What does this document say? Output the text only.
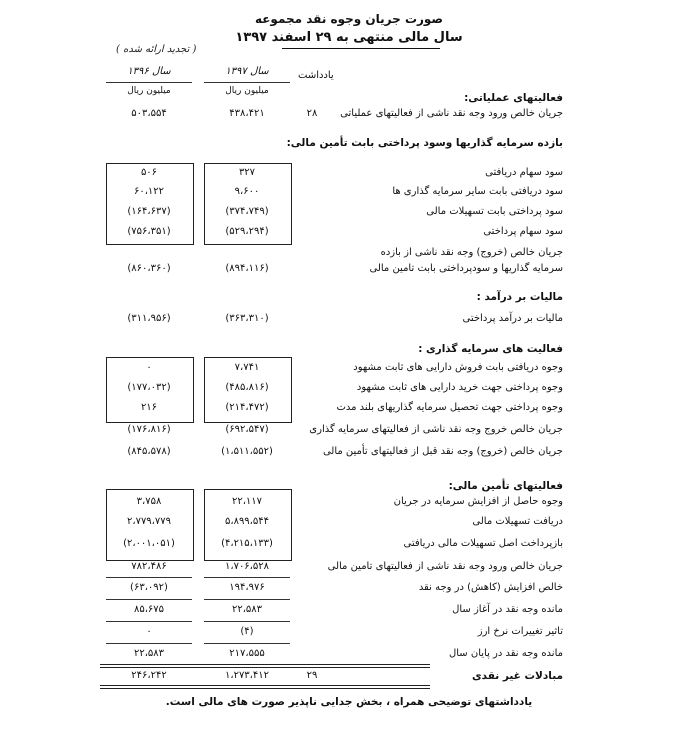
صورت جریان وجوه نقد مجموعه
سال مالی منتهی به ۲۹ اسفند ۱۳۹۷
( تجدید ارائه شده )
یادداشت
سال ۱۳۹۷
سال ۱۳۹۶
میلیون ریال
میلیون ریال
فعالیتهای عملیاتی:
جریان خالص ورود وجه نقد ناشی از فعالیتهای عملیاتی
۲۸
۴۳۸،۴۲۱
۵۰۳،۵۵۴
بازده سرمایه گذاریها وسود پرداختی بابت تأمین مالی:
سود سهام دریافتی
۳۲۷
۵۰۶
سود دریافتی بابت سایر سرمایه گذاری ها
۹،۶۰۰
۶۰،۱۲۲
سود پرداختی بابت تسهیلات مالی
(۳۷۴،۷۴۹)
(۱۶۴،۶۳۷)
سود سهام پرداختی
(۵۲۹،۲۹۴)
(۷۵۶،۳۵۱)
جریان خالص (خروج) وجه نقد ناشی از بازده
سرمایه گذاریها و سودپرداختی بابت تامین مالی
(۸۹۴،۱۱۶)
(۸۶۰،۳۶۰)
مالیات بر درآمد :
مالیات بر درآمد پرداختی
(۳۶۳،۳۱۰)
(۳۱۱،۹۵۶)
فعالیت های سرمایه گذاری :
وجوه دریافتی بابت فروش دارایی های ثابت مشهود
۷،۷۴۱
۰
وجوه پرداختی جهت خرید دارایی های ثابت مشهود
(۴۸۵،۸۱۶)
(۱۷۷،۰۳۲)
وجوه پرداختی جهت تحصیل سرمایه گذاریهای بلند مدت
(۲۱۴،۴۷۲)
۲۱۶
جریان خالص خروج وجه نقد ناشی از فعالیتهای سرمایه گذاری
(۶۹۲،۵۴۷)
(۱۷۶،۸۱۶)
جریان خالص (خروج) وجه نقد قبل از فعالیتهای تأمین مالی
(۱،۵۱۱،۵۵۲)
(۸۴۵،۵۷۸)
فعالیتهای تأمین مالی:
وجوه حاصل از افزایش سرمایه در جریان
۲۲،۱۱۷
۳،۷۵۸
دریافت تسهیلات مالی
۵،۸۹۹،۵۴۴
۲،۷۷۹،۷۷۹
بازپرداخت اصل تسهیلات مالی دریافتی
(۴،۲۱۵،۱۳۳)
(۲،۰۰۱،۰۵۱)
جریان خالص ورود وجه نقد ناشی از فعالیتهای تامین مالی
۱،۷۰۶،۵۲۸
۷۸۲،۴۸۶
خالص افزایش (کاهش) در وجه نقد
۱۹۴،۹۷۶
(۶۳،۰۹۲)
مانده وجه نقد در آغاز سال
۲۲،۵۸۳
۸۵،۶۷۵
تاثیر تغییرات نرخ ارز
(۴)
۰
مانده وجه نقد در پایان سال
۲۱۷،۵۵۵
۲۲،۵۸۳
مبادلات غیر نقدی
۲۹
۱،۲۷۳،۴۱۲
۲۴۶،۲۴۲
یادداشتهای توضیحی همراه ، بخش جدایی ناپذیر صورت های مالی است.
